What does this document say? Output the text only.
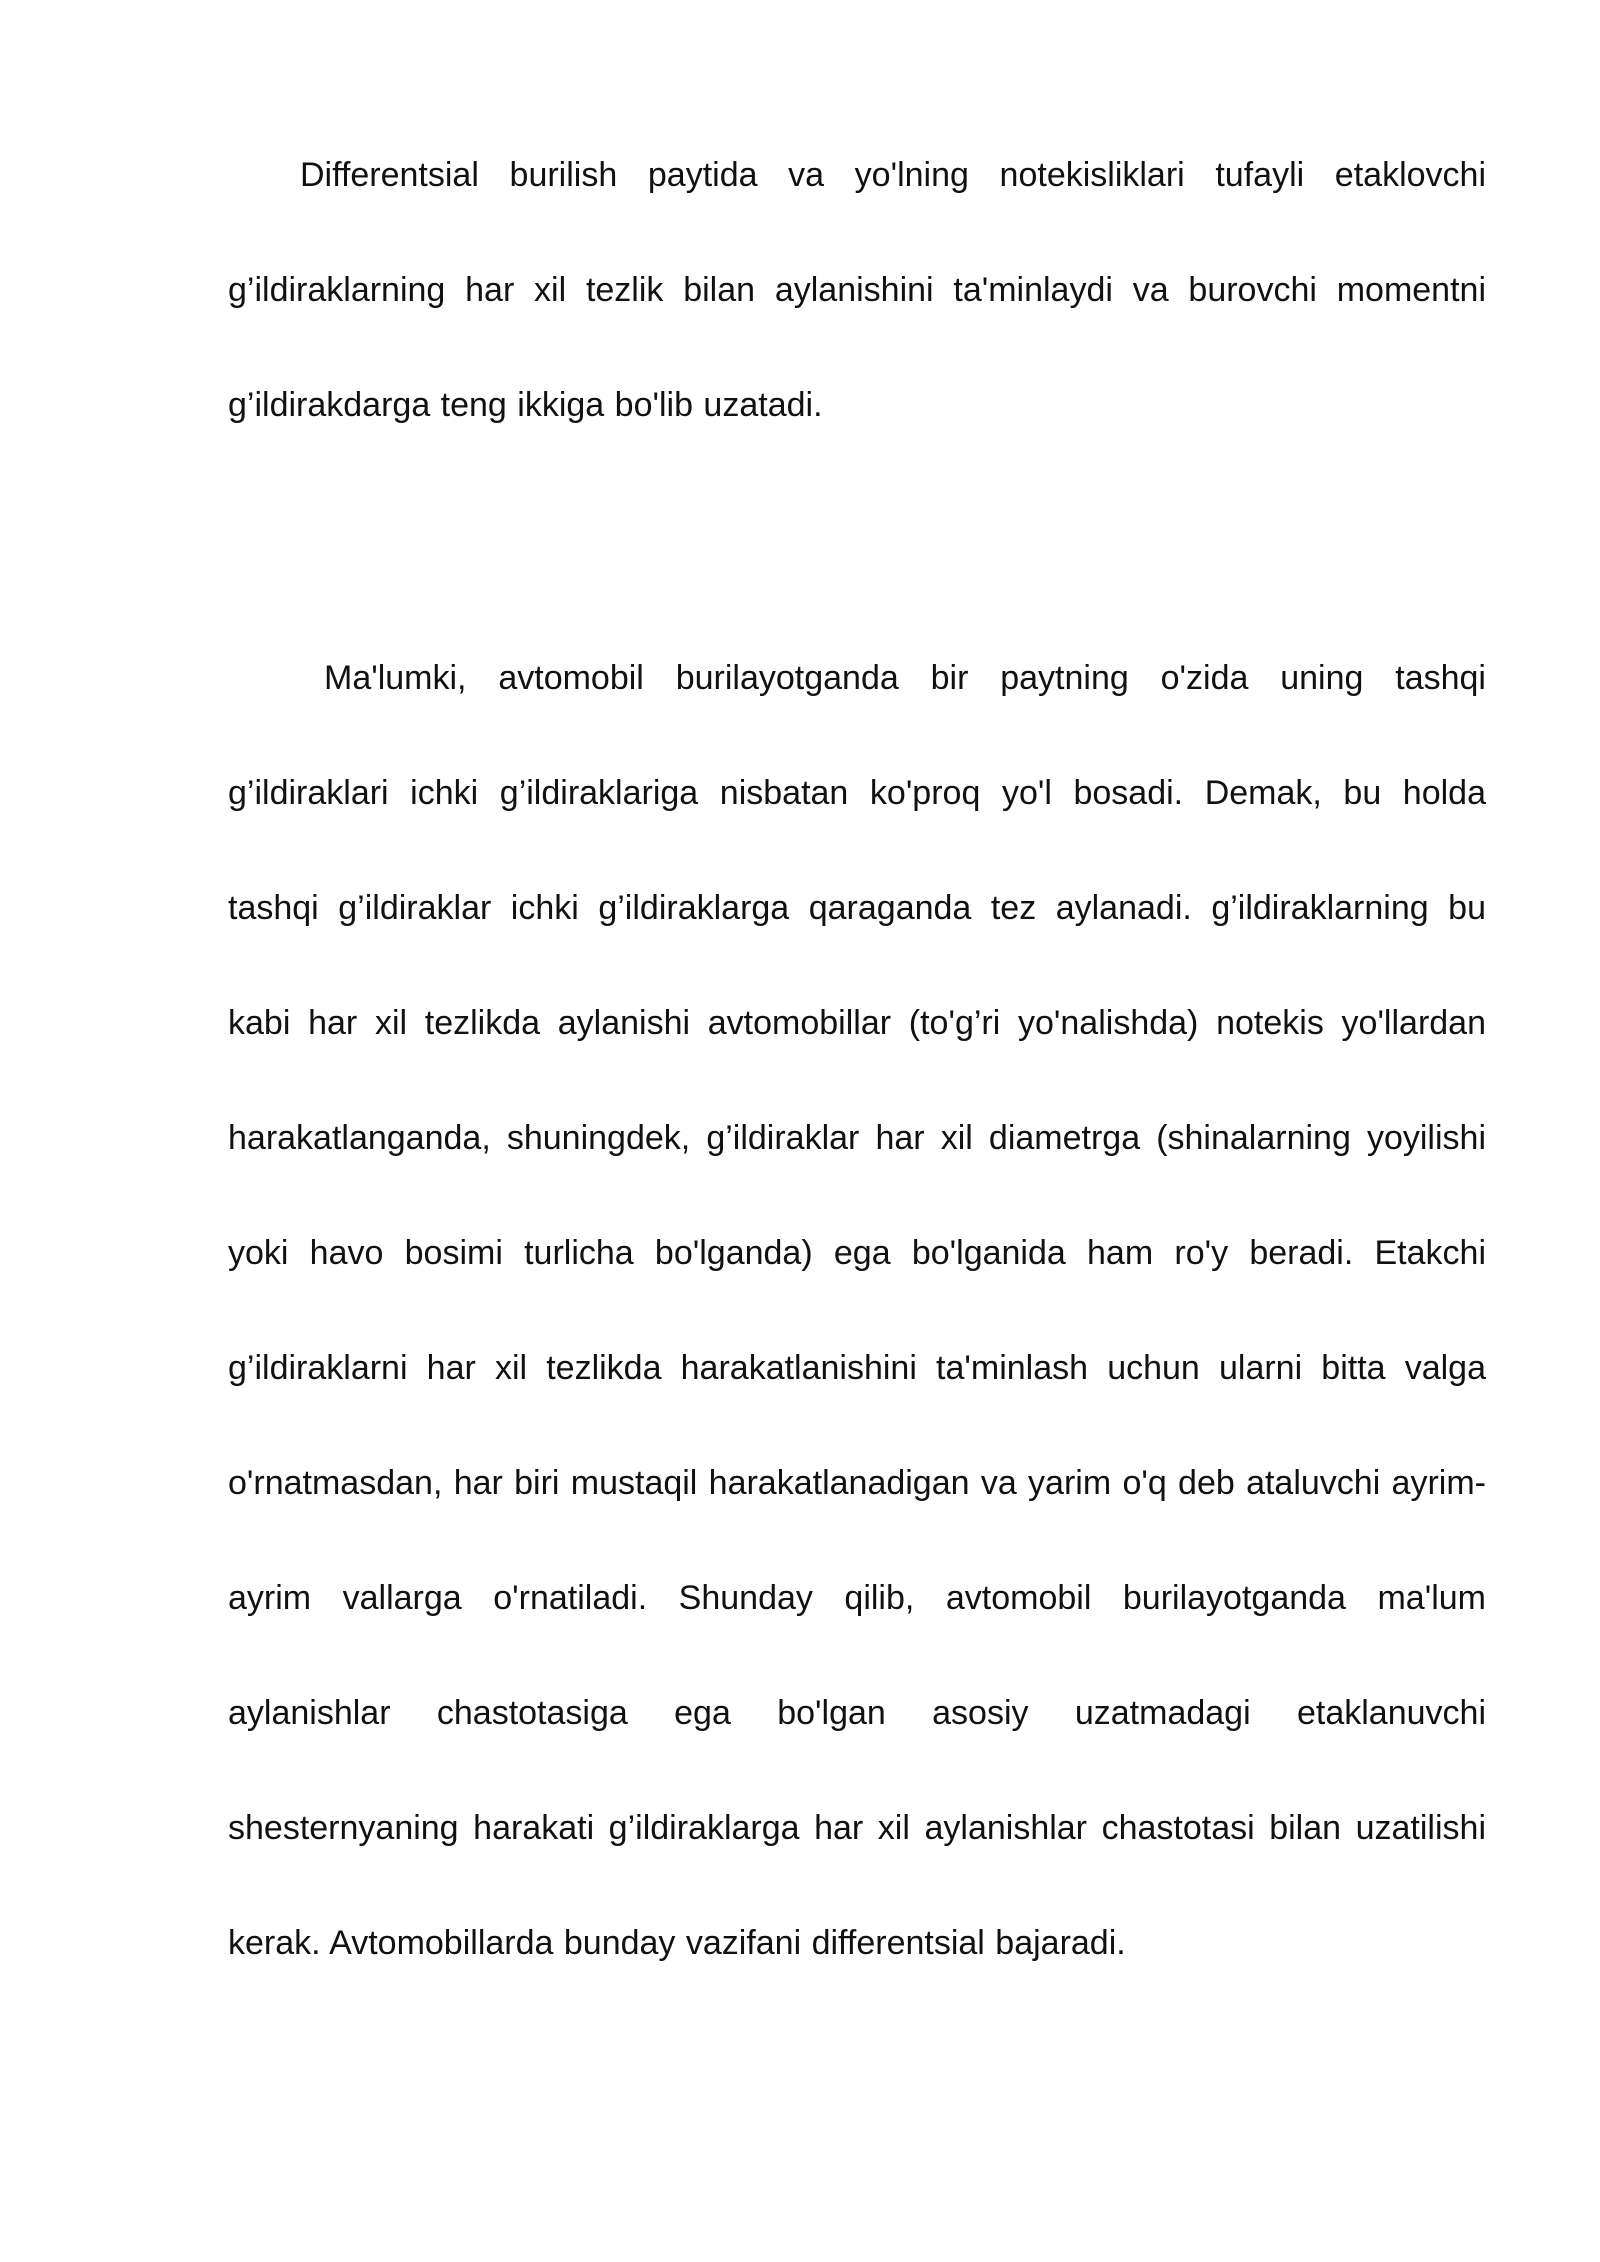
Differentsial burilish paytida va yo'lning notekisliklari tufayli etaklovchi g’ildiraklarning har xil tezlik bilan aylanishini ta'minlaydi va burovchi momentni g’ildirakdarga teng ikkiga bo'lib uzatadi.

Ma'lumki, avtomobil burilayotganda bir paytning o'zida uning tashqi g’ildiraklari ichki g’ildiraklariga nisbatan ko'proq yo'l bosadi. Demak, bu holda tashqi g’ildiraklar ichki g’ildiraklarga qaraganda tez aylanadi. g’ildiraklarning bu kabi har xil tezlikda aylanishi avtomobillar (to'g’ri yo'nalishda) notekis yo'llardan harakatlanganda, shuningdek, g’ildiraklar har xil diametrga (shinalarning yoyilishi yoki havo bosimi turlicha bo'lganda) ega bo'lganida ham ro'y beradi. Etakchi g’ildiraklarni har xil tezlikda harakatlanishini ta'minlash uchun ularni bitta valga o'rnatmasdan, har biri mustaqil harakatlanadigan va yarim o'q deb ataluvchi ayrim-ayrim vallarga o'rnatiladi. Shunday qilib, avtomobil burilayotganda ma'lum aylanishlar chastotasiga ega bo'lgan asosiy uzatmadagi etaklanuvchi shesternyaning harakati g’ildiraklarga har xil aylanishlar chastotasi bilan uzatilishi kerak. Avtomobillarda bunday vazifani differentsial bajaradi.
